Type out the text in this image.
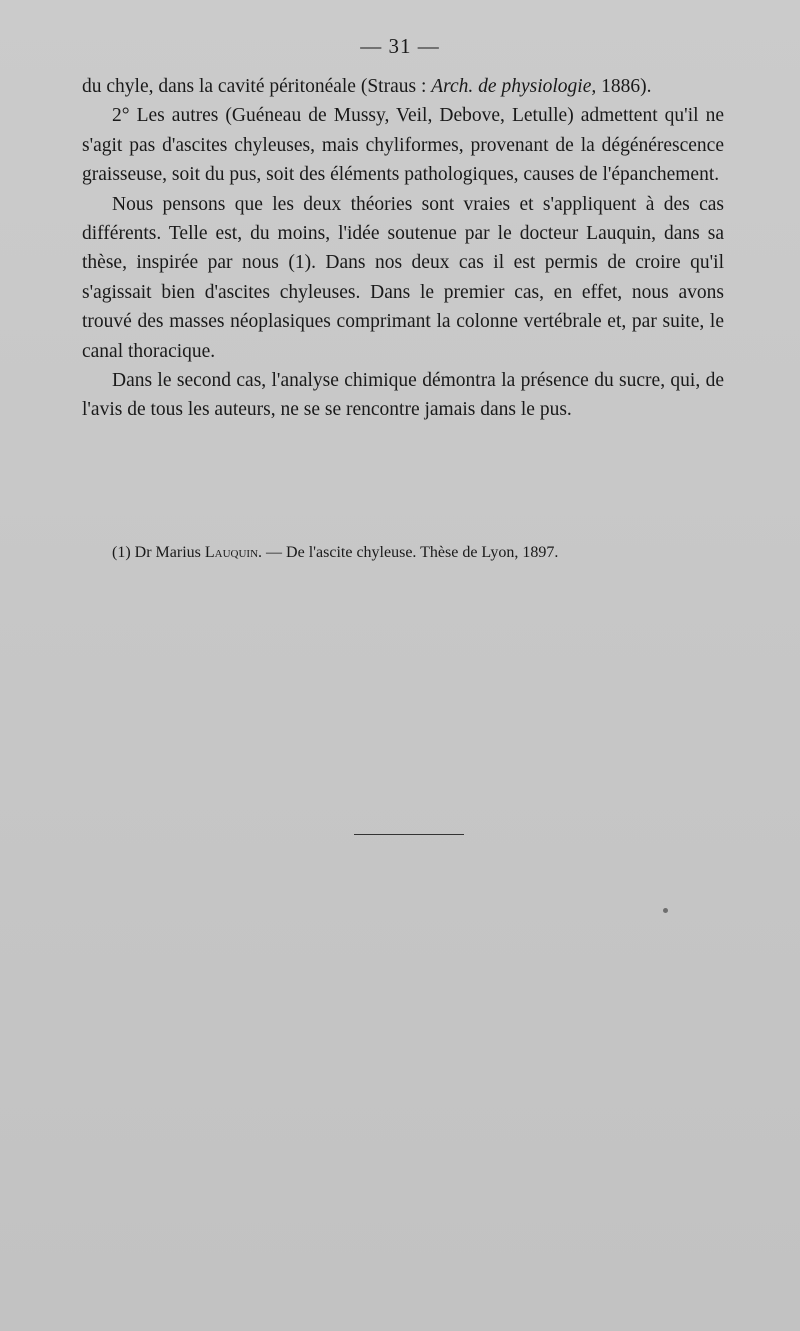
— 31 —

du chyle, dans la cavité péritonéale (Straus : Arch. de physiologie, 1886).

2° Les autres (Guéneau de Mussy, Veil, Debove, Letulle) admettent qu'il ne s'agit pas d'ascites chyleuses, mais chyliformes, provenant de la dégénérescence graisseuse, soit du pus, soit des éléments pathologiques, causes de l'épanchement.

Nous pensons que les deux théories sont vraies et s'appliquent à des cas différents. Telle est, du moins, l'idée soutenue par le docteur Lauquin, dans sa thèse, inspirée par nous (1). Dans nos deux cas il est permis de croire qu'il s'agissait bien d'ascites chyleuses. Dans le premier cas, en effet, nous avons trouvé des masses néoplasiques comprimant la colonne vertébrale et, par suite, le canal thoracique.

Dans le second cas, l'analyse chimique démontra la présence du sucre, qui, de l'avis de tous les auteurs, ne se se rencontre jamais dans le pus.

(1) Dr Marius Lauquin. — De l'ascite chyleuse. Thèse de Lyon, 1897.
